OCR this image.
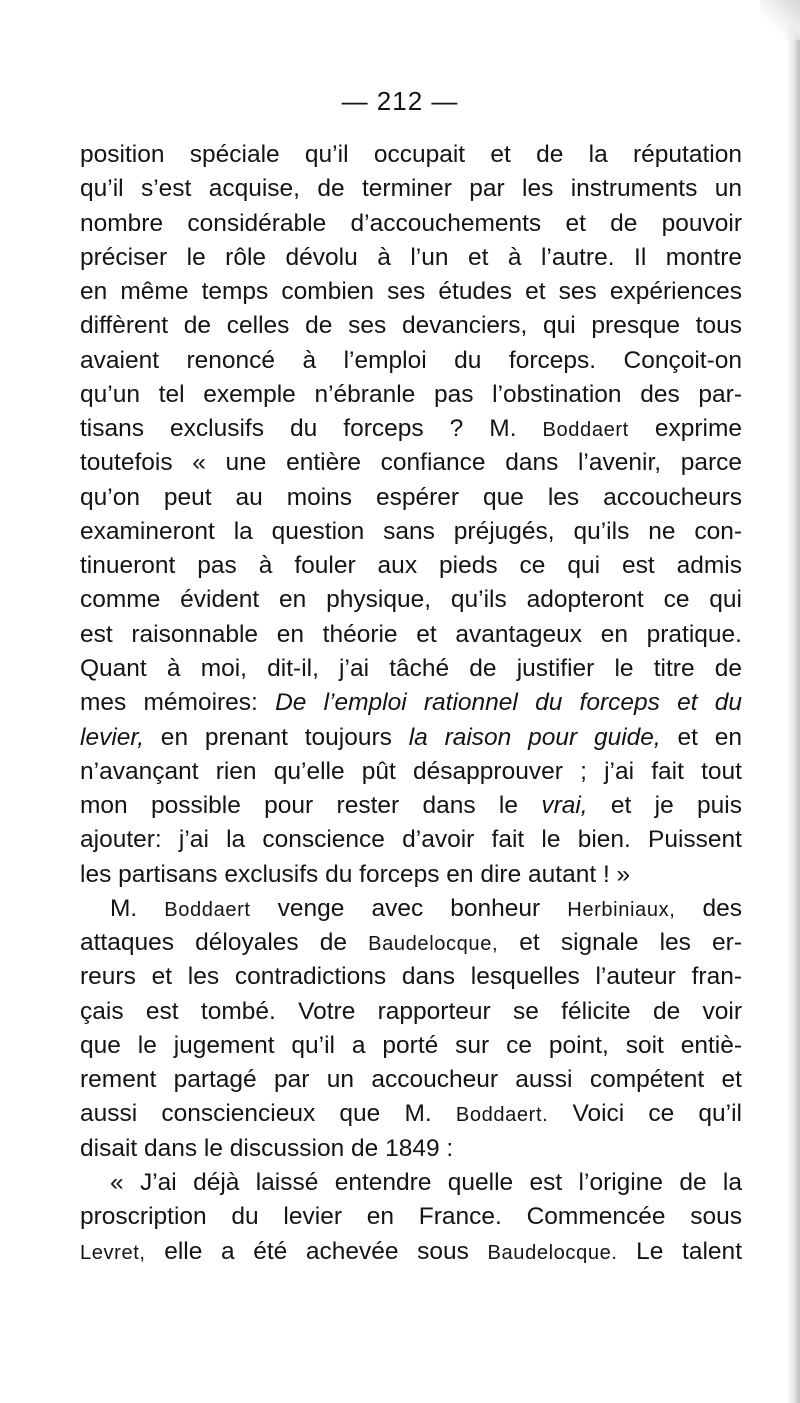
— 212 —
position spéciale qu’il occupait et de la réputation
qu’il s’est acquise, de terminer par les instruments un
nombre considérable d’accouchements et de pouvoir
préciser le rôle dévolu à l’un et à l’autre. Il montre
en même temps combien ses études et ses expériences
diffèrent de celles de ses devanciers, qui presque tous
avaient renoncé à l’emploi du forceps. Conçoit-on
qu’un tel exemple n’ébranle pas l’obstination des par-
tisans exclusifs du forceps ? M. Boddaert exprime
toutefois « une entière confiance dans l’avenir, parce
qu’on peut au moins espérer que les accoucheurs
examineront la question sans préjugés, qu’ils ne con-
tinueront pas à fouler aux pieds ce qui est admis
comme évident en physique, qu’ils adopteront ce qui
est raisonnable en théorie et avantageux en pratique.
Quant à moi, dit-il, j’ai tâché de justifier le titre de
mes mémoires: De l’emploi rationnel du forceps et du
levier, en prenant toujours la raison pour guide, et en
n’avançant rien qu’elle pût désapprouver ; j’ai fait tout
mon possible pour rester dans le vrai, et je puis
ajouter: j’ai la conscience d’avoir fait le bien. Puissent
les partisans exclusifs du forceps en dire autant ! »
M. Boddaert venge avec bonheur Herbiniaux, des
attaques déloyales de Baudelocque, et signale les er-
reurs et les contradictions dans lesquelles l’auteur fran-
çais est tombé. Votre rapporteur se félicite de voir
que le jugement qu’il a porté sur ce point, soit entiè-
rement partagé par un accoucheur aussi compétent et
aussi consciencieux que M. Boddaert. Voici ce qu’il
disait dans le discussion de 1849 :
« J’ai déjà laissé entendre quelle est l’origine de la
proscription du levier en France. Commencée sous
Levret, elle a été achevée sous Baudelocque. Le talent
